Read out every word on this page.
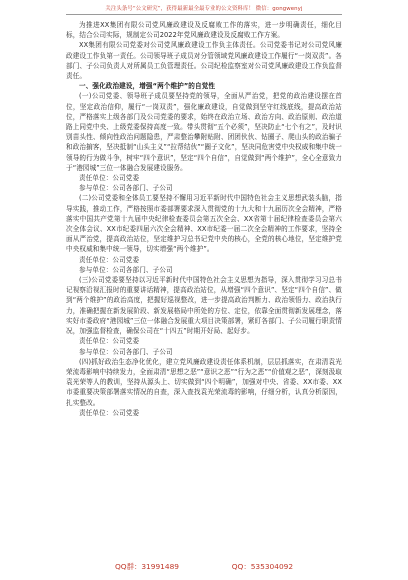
关注头条号“公文研究”，获得最新最全最专业的公文资料库！ 微信：gongwenyj

为推进XX集团有限公司党风廉政建设及反腐败工作的落实，进一步明确责任，细化目标，结合公司实际，规制定公司2022年党风廉政建设及反腐败工作方案。

XX集团有限公司党委对公司党风廉政建设工作负主体责任。公司党委书记对公司党风廉政建设工作负第一责任。公司领导班子成员对分管领域党风廉政建设工作履行“一岗双责”。各部门、子公司负责人对所属员工负管理责任。公司纪检监察室对公司党风廉政建设工作负监督责任。

一、强化政治建设，增强“两个维护”的自觉性

(一)公司党委、领导班子成员要坚持党的领导，全面从严治党，把党的政治建设摆在首位，坚定政治信仰，履行“一岗双责”，强化廉政建设，自觉做到坚守红线底线，提高政治站位，严格落实上级各部门及公司党委的要求，始终在政治立场、政治方向、政治原则、政治道路上同党中央、上级党委保持高度一致。带头贯彻“五个必须”，坚决防止“七个有之”，及时识别苗头性、倾向性政治问题隐患，严肃整治攀附贴附、团团伙伙、钻圈子、爬山头的政治骗子和政治掮客，坚决抵制“山头主义”“拉帮结伙”“圈子文化”，坚决同危害党中央权威和集中统一领导的行为做斗争，树牢“四个意识”，坚定“四个自信”，自觉做到“两个维护”，全心全意致力于“港园城”三位一体融合发展建设服务。

责任单位：公司党委

参与单位：公司各部门、子公司

(二)公司党委和全体员工要坚持不懈用习近平新时代中国特色社会主义思想武装头脑，指导实践，推动工作，严格按照市委部署要求深入贯彻党的十九大和十九届历次全会精神，严格落实中国共产党第十九届中央纪律检查委员会第五次全会、XX省第十届纪律检查委员会第六次全体会议、XX市纪委四届六次全会精神、XX市纪委一届二次全会精神的工作要求，坚持全面从严治党，提高政治站位，坚定维护习总书记党中央的核心，全党的核心地位，坚定维护党中央权威和集中统一领导，切实增强“两个维护”。

责任单位：公司党委

参与单位：公司各部门、子公司

(三)公司党委要坚持以习近平新时代中国特色社会主义思想为指导，深入贯彻学习习总书记视察沿视汇报时的重要讲话精神，提高政治站位，从增强“四个意识”、坚定“四个自信”、做到“两个维护”的政治高度，把握好巡视整改，进一步提高政治判断力、政治领悟力、政治执行力，准确把握在新发展阶段、新发展格局中所处的方位、定位，依靠全面贯彻新发展理念，落实好市委政府“港园城”三位一体融合发展重大项目决策部署，紧盯各部门、子公司履行职责情况，加强监督检查，确保公司在“十四五”时期开好局、起好步。

责任单位：公司党委

参与单位：公司各部门、子公司

(四)抓好政治生态净化优化，建立党风廉政建设责任体系机制，层层抓落实，在肃清袁光荣流毒影响中持续发力，全面肃清“思想之恶”“意识之恶”“行为之恶”“价值观之恶”，深刻汲取袁光荣等人的教训，坚持从源头上、切实做到“四个明确”，加强对中央、省委、XX市委、XX市委重要决策部署落实情况的自查，深入查找袁光荣流毒的影响，仔细分析，认真分析原因，扎实整改。

责任单位：公司党委

QQ群：31991489	QQ：535304092
